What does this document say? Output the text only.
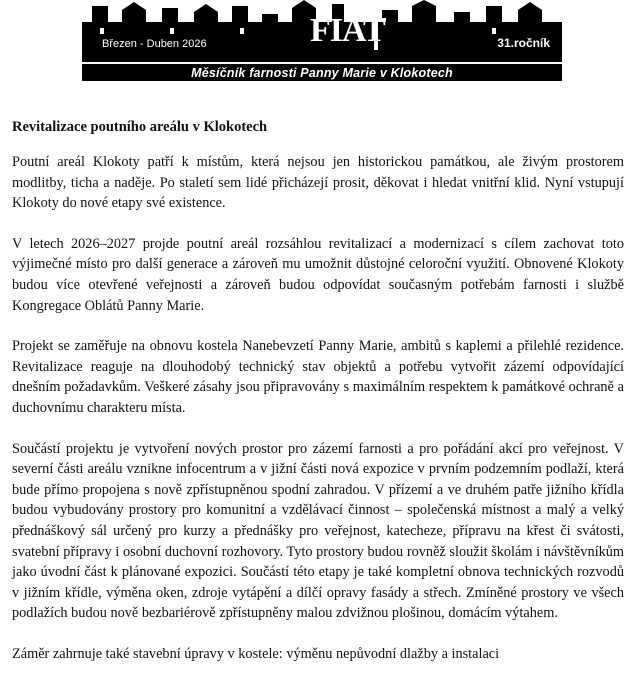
FIAT
Březen - Duben 2026	31.ročník
Měsíčník farnosti Panny Marie v Klokotech
Revitalizace poutního areálu v Klokotech

Poutní areál Klokoty patří k místům, která nejsou jen historickou památkou, ale živým prostorem modlitby, ticha a naděje. Po staletí sem lidé přicházejí prosit, děkovat i hledat vnitřní klid. Nyní vstupují Klokoty do nové etapy své existence.

V letech 2026–2027 projde poutní areál rozsáhlou revitalizací a modernizací s cílem zachovat toto výjimečné místo pro další generace a zároveň mu umožnit důstojné celoroční využití. Obnovené Klokoty budou více otevřené veřejnosti a zároveň budou odpovídat současným potřebám farnosti i službě Kongregace Oblátů Panny Marie.

Projekt se zaměřuje na obnovu kostela Nanebevzetí Panny Marie, ambitů s kaplemi a přilehlé rezidence. Revitalizace reaguje na dlouhodobý technický stav objektů a potřebu vytvořit zázemí odpovídající dnešním požadavkům. Veškeré zásahy jsou připravovány s maximálním respektem k památkové ochraně a duchovnímu charakteru místa.

Součástí projektu je vytvoření nových prostor pro zázemí farnosti a pro pořádání akcí pro veřejnost. V severní části areálu vznikne infocentrum a v jižní části nová expozice v prvním podzemním podlaží, která bude přímo propojena s nově zpřístupněnou spodní zahradou. V přízemí a ve druhém patře jižního křídla budou vybudovány prostory pro komunitní a vzdělávací činnost – společenská místnost a malý a velký přednáškový sál určený pro kurzy a přednášky pro veřejnost, katecheze, přípravu na křest či svátosti, svatební přípravy i osobní duchovní rozhovory. Tyto prostory budou rovněž sloužit školám i návštěvníkům jako úvodní část k plánované expozici. Součástí této etapy je také kompletní obnova technických rozvodů v jižním křídle, výměna oken, zdroje vytápění a dílčí opravy fasády a střech. Zmíněné prostory ve všech podlažích budou nově bezbariérově zpřístupněny malou zdvižnou plošinou, domácím výtahem.

Záměr zahrnuje také stavební úpravy v kostele: výměnu nepůvodní dlažby a instalaci
